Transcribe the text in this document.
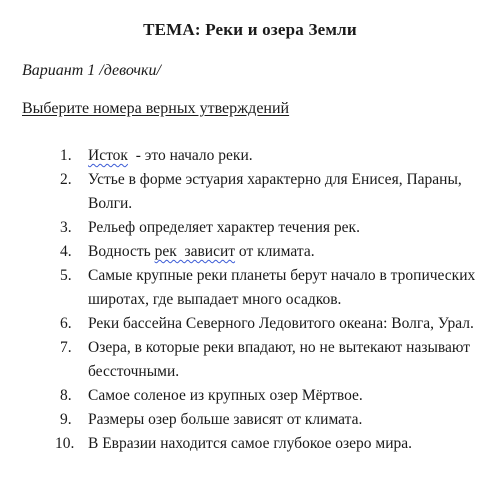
ТЕМА: Реки и озера Земли
Вариант 1 /девочки/
Выберите номера верных утверждений
1. Исток  - это начало реки.
2. Устье в форме эстуария характерно для Енисея, Параны, Волги.
3. Рельеф определяет характер течения рек.
4. Водность рек  зависит от климата.
5. Самые крупные реки планеты берут начало в тропических широтах, где выпадает много осадков.
6. Реки бассейна Северного Ледовитого океана: Волга, Урал.
7. Озера, в которые реки впадают, но не вытекают называют бессточными.
8. Самое соленое из крупных озер Мёртвое.
9. Размеры озер больше зависят от климата.
10. В Евразии находится самое глубокое озеро мира.
